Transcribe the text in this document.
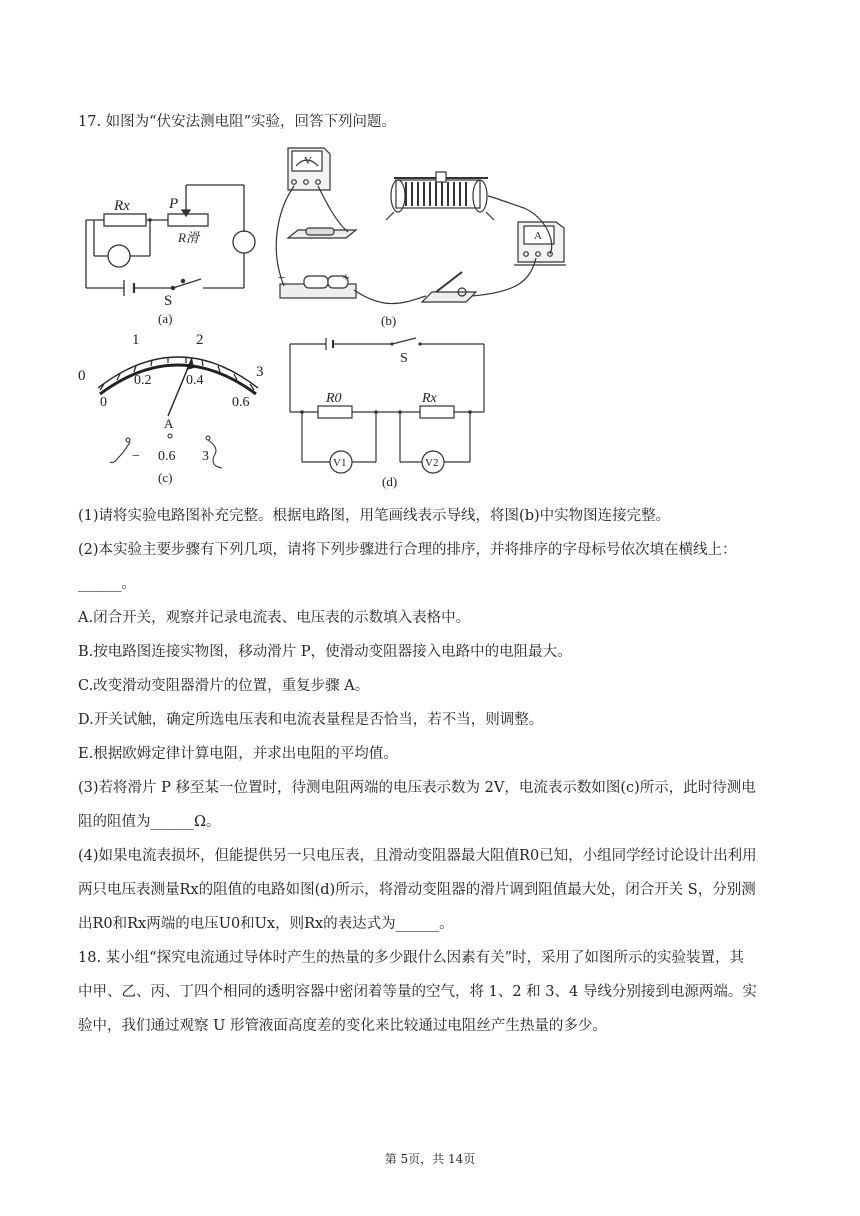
17. 如图为“伏安法测电阻”实验，回答下列问题。
Rx	P
R滑
S
(a)
V
A
−	+
(b)
0
1	2
3
0
0.2 0.4
0.6
A
− 0.6 3
(c)
S
R0	Rx
V1	V2
(d)
(1)请将实验电路图补充完整。根据电路图，用笔画线表示导线，将图(b)中实物图连接完整。
(2)本实验主要步骤有下列几项，请将下列步骤进行合理的排序，并将排序的字母标号依次填在横线上：
______。
A.闭合开关，观察并记录电流表、电压表的示数填入表格中。
B.按电路图连接实物图，移动滑片 P，使滑动变阻器接入电路中的电阻最大。
C.改变滑动变阻器滑片的位置，重复步骤 A。
D.开关试触，确定所选电压表和电流表量程是否恰当，若不当，则调整。
E.根据欧姆定律计算电阻，并求出电阻的平均值。
(3)若将滑片 P 移至某一位置时，待测电阻两端的电压表示数为 2V，电流表示数如图(c)所示，此时待测电
阻的阻值为______Ω。
(4)如果电流表损坏，但能提供另一只电压表，且滑动变阻器最大阻值R0已知，小组同学经讨论设计出利用
两只电压表测量Rx的阻值的电路如图(d)所示，将滑动变阻器的滑片调到阻值最大处，闭合开关 S，分别测
出R0和Rx两端的电压U0和Ux，则Rx的表达式为______。
18. 某小组“探究电流通过导体时产生的热量的多少跟什么因素有关”时，采用了如图所示的实验装置，其
中甲、乙、丙、丁四个相同的透明容器中密闭着等量的空气，将 1、2 和 3、4 导线分别接到电源两端。实
验中，我们通过观察 U 形管液面高度差的变化来比较通过电阻丝产生热量的多少。
第 5页，共 14页
